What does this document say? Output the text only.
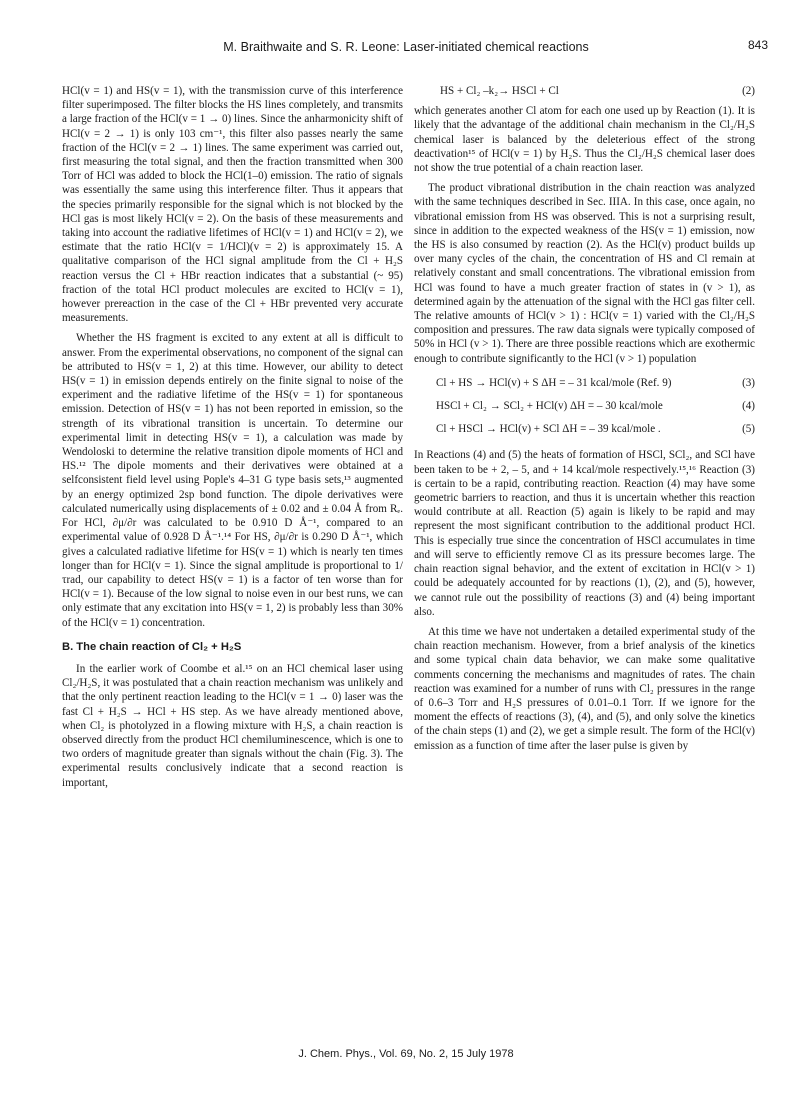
M. Braithwaite and S. R. Leone: Laser-initiated chemical reactions	843

HCl(v = 1) and HS(v = 1), with the transmission curve of this interference filter superimposed. The filter blocks the HS lines completely, and transmits a large fraction of the HCl(v = 1 → 0) lines. Since the anharmonicity shift of HCl(v = 2 → 1) is only 103 cm⁻¹, this filter also passes nearly the same fraction of the HCl(v = 2 → 1) lines. The same experiment was carried out, first measuring the total signal, and then the fraction transmitted when 300 Torr of HCl was added to block the HCl(1–0) emission. The ratio of signals was essentially the same using this interference filter. Thus it appears that the species primarily responsible for the signal which is not blocked by the HCl gas is most likely HCl(v = 2). On the basis of these measurements and taking into account the radiative lifetimes of HCl(v = 1) and HCl(v = 2), we estimate that the ratio HCl(v = 1/HCl)(v = 2) is approximately 15. A qualitative comparison of the HCl signal amplitude from the Cl + H₂S reaction versus the Cl + HBr reaction indicates that a substantial (~ 95) fraction of the total HCl product molecules are excited to HCl(v = 1), however prereaction in the case of the Cl + HBr prevented very accurate measurements.

Whether the HS fragment is excited to any extent at all is difficult to answer. From the experimental observations, no component of the signal can be attributed to HS(v = 1, 2) at this time. However, our ability to detect HS(v = 1) in emission depends entirely on the finite signal to noise of the experiment and the radiative lifetime of the HS(v = 1) for spontaneous emission. Detection of HS(v = 1) has not been reported in emission, so the strength of its vibrational transition is uncertain. To determine our experimental limit in detecting HS(v = 1), a calculation was made by Wendoloski to determine the relative transition dipole moments of HCl and HS.¹² The dipole moments and their derivatives were obtained at a selfconsistent field level using Pople's 4–31 G type basis sets,¹³ augmented by an energy optimized 2sp bond function. The dipole derivatives were calculated numerically using displacements of ± 0.02 and ± 0.04 Å from Rₑ. For HCl, ∂μ/∂r was calculated to be 0.910 D Å⁻¹, compared to an experimental value of 0.928 D Å⁻¹.¹⁴ For HS, ∂μ/∂r is 0.290 D Å⁻¹, which gives a calculated radiative lifetime for HS(v = 1) which is nearly ten times longer than for HCl(v = 1). Since the signal amplitude is proportional to 1/τrad, our capability to detect HS(v = 1) is a factor of ten worse than for HCl(v = 1). Because of the low signal to noise even in our best runs, we can only estimate that any excitation into HS(v = 1, 2) is probably less than 30% of the HCl(v = 1) concentration.

B. The chain reaction of Cl₂ + H₂S

In the earlier work of Coombe et al.¹⁵ on an HCl chemical laser using Cl₂/H₂S, it was postulated that a chain reaction mechanism was unlikely and that the only pertinent reaction leading to the HCl(v = 1 → 0) laser was the fast Cl + H₂S → HCl + HS step. As we have already mentioned above, when Cl₂ is photolyzed in a flowing mixture with H₂S, a chain reaction is observed directly from the product HCl chemiluminescence, which is one to two orders of magnitude greater than signals without the chain (Fig. 3). The experimental results conclusively indicate that a second reaction is important,

HS + Cl₂ –k₂→ HSCl + Cl	(2)

which generates another Cl atom for each one used up by Reaction (1). It is likely that the advantage of the additional chain mechanism in the Cl₂/H₂S chemical laser is balanced by the deleterious effect of the strong deactivation¹⁵ of HCl(v = 1) by H₂S. Thus the Cl₂/H₂S chemical laser does not show the true potential of a chain reaction laser.

The product vibrational distribution in the chain reaction was analyzed with the same techniques described in Sec. IIIA. In this case, once again, no vibrational emission from HS was observed. This is not a surprising result, since in addition to the expected weakness of the HS(v = 1) emission, now the HS is also consumed by reaction (2). As the HCl(v) product builds up over many cycles of the chain, the concentration of HS and Cl remain at relatively constant and small concentrations. The vibrational emission from HCl was found to have a much greater fraction of states in (v > 1), as determined again by the attenuation of the signal with the HCl gas filter cell. The relative amounts of HCl(v > 1) : HCl(v = 1) varied with the Cl₂/H₂S composition and pressures. The raw data signals were typically composed of 50% in HCl (v > 1). There are three possible reactions which are exothermic enough to contribute significantly to the HCl (v > 1) population

Cl + HS → HCl(v) + S ΔH = – 31 kcal/mole (Ref. 9)	(3)
HSCl + Cl₂ → SCl₂ + HCl(v) ΔH = – 30 kcal/mole	(4)
Cl + HSCl → HCl(v) + SCl ΔH = – 39 kcal/mole .	(5)

In Reactions (4) and (5) the heats of formation of HSCl, SCl₂, and SCl have been taken to be + 2, – 5, and + 14 kcal/mole respectively.¹⁵,¹⁶ Reaction (3) is certain to be a rapid, contributing reaction. Reaction (4) may have some geometric barriers to reaction, and thus it is uncertain whether this reaction would contribute at all. Reaction (5) again is likely to be rapid and may represent the most significant contribution to the additional product HCl. This is especially true since the concentration of HSCl accumulates in time and will serve to efficiently remove Cl as its pressure becomes large. The chain reaction signal behavior, and the extent of excitation in HCl(v > 1) could be adequately accounted for by reactions (1), (2), and (5), however, we cannot rule out the possibility of reactions (3) and (4) being important also.

At this time we have not undertaken a detailed experimental study of the chain reaction mechanism. However, from a brief analysis of the kinetics and some typical chain data behavior, we can make some qualitative comments concerning the mechanisms and magnitudes of rates. The chain reaction was examined for a number of runs with Cl₂ pressures in the range of 0.6–3 Torr and H₂S pressures of 0.01–0.1 Torr. If we ignore for the moment the effects of reactions (3), (4), and (5), and only solve the kinetics of the chain steps (1) and (2), we get a simple result. The form of the HCl(v) emission as a function of time after the laser pulse is given by

J. Chem. Phys., Vol. 69, No. 2, 15 July 1978
